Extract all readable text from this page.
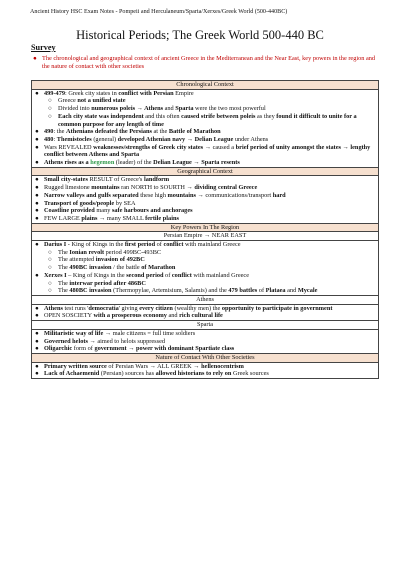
Ancient History HSC Exam Notes - Pompeii and Herculaneum/Sparta/Xerxes/Greek World (500-440BC)
Historical Periods; The Greek World 500-440 BC
Survey
● The chronological and geographical context of ancient Greece in the Mediterranean and the Near East, key powers in the region and the nature of contact with other societies
Chronological Context

● 499-479: Greek city states in conflict with Persian Empire
○ Greece not a unified state
○ Divided into numerous poleis → Athens and Sparta were the two most powerful
○ Each city state was independent and this often caused strife between poleis as they found it difficult to unite for a common purpose for any length of time
● 490: the Athenians defeated the Persians at the Battle of Marathon
● 480: Themistocles (general) developed Athenian navy → Delian League under Athens
● Wars REVEALED weaknesses/strengths of Greek city states → caused a brief period of unity amongst the states → lengthy conflict between Athens and Sparta
● Athens rises as a hegemon (leader) of the Delian League → Sparta resents

Geographical Context

● Small city-states RESULT of Greece's landform
● Rugged limestone mountains ran NORTH to SOURTH → dividing central Greece
● Narrow valleys and gulfs separated these high mountains → communications/transport hard
● Transport of goods/people by SEA
● Coastline provided many safe harbours and anchorages
● FEW LARGE plains → many SMALL fertile plains

Key Powers In The Region
Persian Empire → NEAR EAST

● Darius I - King of Kings in the first period of conflict with mainland Greece
○ The Ionian revolt period 499BC-493BC
○ The attempted invasion of 492BC
○ The 490BC invasion / the battle of Marathon
● Xerxes I – King of Kings in the second period of conflict with mainland Greece
○ The interwar period after 486BC
○ The 480BC invasion (Thermopylae, Artemisium, Salamis) and the 479 battles of Plataea and Mycale

Athens

● Athens test runs 'democratia' giving every citizen (wealthy men) the opportunity to participate in government
● OPEN SOSCIETY with a prosperous economy and rich cultural life

Sparta

● Militaristic way of life → male citizens = full time soldiers
● Governed helots → aimed to helots suppressed
● Oligarchic form of government → power with dominant Spartiate class

Nature of Contact With Other Societies

● Primary written source of Persian Wars → ALL GREEK → hellenocentrism
● Lack of Achaemenid (Persian) sources has allowed historians to rely on Greek sources
